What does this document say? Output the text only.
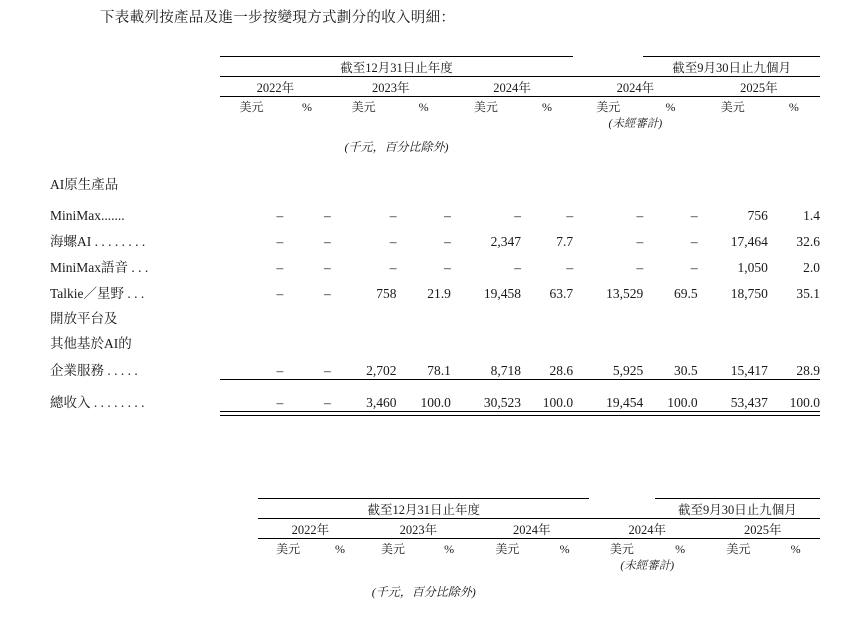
下表載列按產品及進一步按變現方式劃分的收入明細：

	截至12月31日止年度							截至9月30日止九個月		

	2022年		2023年		2024年		2024年		2025年	

	美元	%	美元	%	美元	%	美元	%	美元	%
							(未經審計)			

	(千元，百分比除外)									

AI原生產品										

MiniMax.......	–	–	–	–	–	–	–	–	756	1.4
海螺AI . . . . . . . .	–	–	–	–	2,347	7.7	–	–	17,464	32.6
MiniMax語音 . . .	–	–	–	–	–	–	–	–	1,050	2.0
Talkie／星野 . . .	–	–	758	21.9	19,458	63.7	13,529	69.5	18,750	35.1
開放平台及										
其他基於AI的										
企業服務 . . . . .	–	–	2,702	78.1	8,718	28.6	5,925	30.5	15,417	28.9

總收入 . . . . . . . .	–	–	3,460	100.0	30,523	100.0	19,454	100.0	53,437	100.0

	截至12月31日止年度							截至9月30日止九個月		

	2022年		2023年		2024年		2024年		2025年	

	美元	%	美元	%	美元	%	美元	%	美元	%
							(未經審計)			

	(千元，百分比除外)									
